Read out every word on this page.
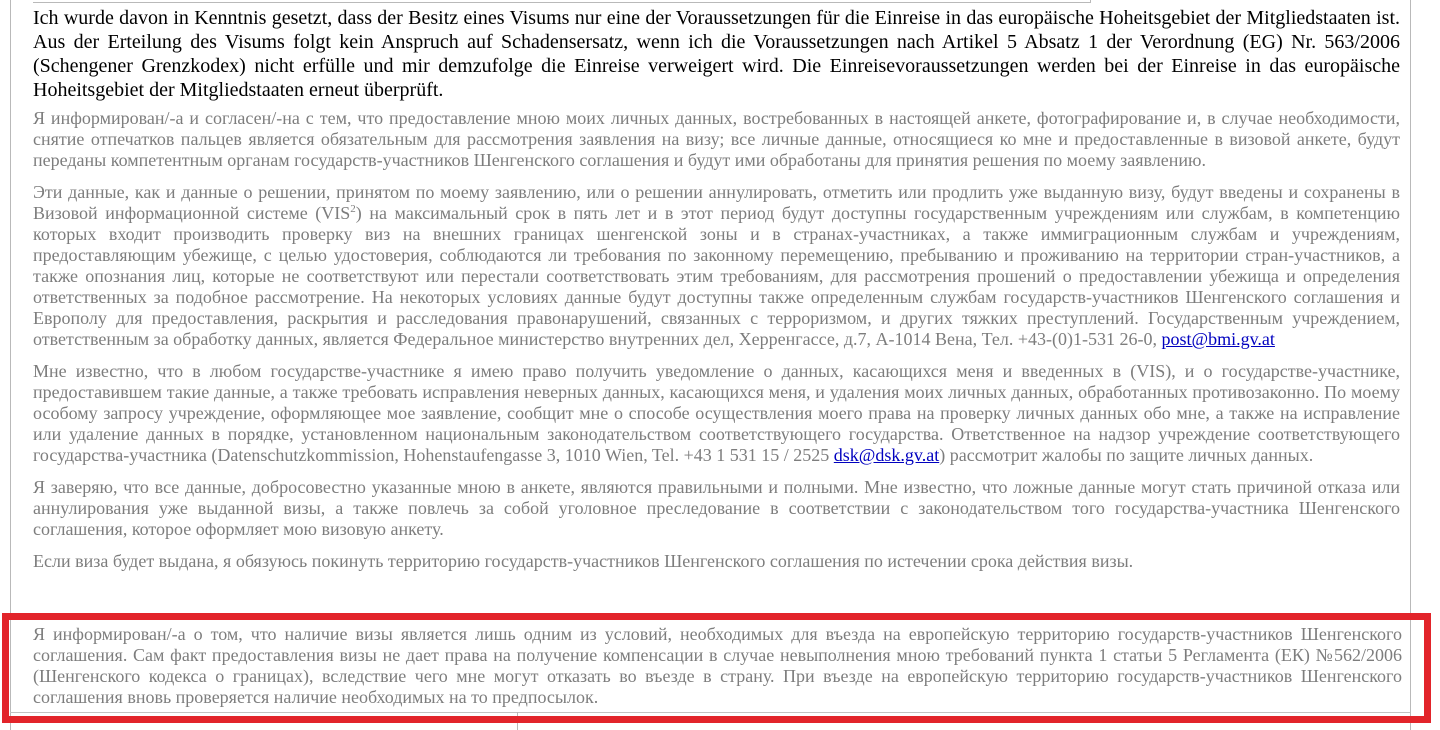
Ich wurde davon in Kenntnis gesetzt, dass der Besitz eines Visums nur eine der Voraussetzungen für die Einreise in das europäische Hoheitsgebiet der Mitgliedstaaten ist. Aus der Erteilung des Visums folgt kein Anspruch auf Schadensersatz, wenn ich die Voraussetzungen nach Artikel 5 Absatz 1 der Verordnung (EG) Nr. 563/2006 (Schengener Grenzkodex) nicht erfülle und mir demzufolge die Einreise verweigert wird. Die Einreisevoraussetzungen werden bei der Einreise in das europäische Hoheitsgebiet der Mitgliedstaaten erneut überprüft.

Я информирован/-а и согласен/-на с тем, что предоставление мною моих личных данных, востребованных в настоящей анкете, фотографирование и, в случае необходимости, снятие отпечатков пальцев является обязательным для рассмотрения заявления на визу; все личные данные, относящиеся ко мне и предоставленные в визовой анкете, будут переданы компетентным органам государств-участников Шенгенского соглашения и будут ими обработаны для принятия решения по моему заявлению.

Эти данные, как и данные о решении, принятом по моему заявлению, или о решении аннулировать, отметить или продлить уже выданную визу, будут введены и сохранены в Визовой информационной системе (VIS$^2$) на максимальный срок в пять лет и в этот период будут доступны государственным учреждениям или службам, в компетенцию которых входит производить проверку виз на внешних границах шенгенской зоны и в странах-участниках, а также иммиграционным службам и учреждениям, предоставляющим убежище, с целью удостоверия, соблюдаются ли требования по законному перемещению, пребыванию и проживанию на территории стран-участников, а также опознания лиц, которые не соответствуют или перестали соответствовать этим требованиям, для рассмотрения прошений о предоставлении убежища и определения ответственных за подобное рассмотрение. На некоторых условиях данные будут доступны также определенным службам государств-участников Шенгенского соглашения и Европолу для предоставления, раскрытия и расследования правонарушений, связанных с терроризмом, и других тяжких преступлений. Государственным учреждением, ответственным за обработку данных, является Федеральное министерство внутренних дел, Херренгассе, д.7, А-1014 Вена, Тел. +43-(0)1-531 26-0, post@bmi.gv.at

Мне известно, что в любом государстве-участнике я имею право получить уведомление о данных, касающихся меня и введенных в (VIS), и о государстве-участнике, предоставившем такие данные, а также требовать исправления неверных данных, касающихся меня, и удаления моих личных данных, обработанных противозаконно. По моему особому запросу учреждение, оформляющее мое заявление, сообщит мне о способе осуществления моего права на проверку личных данных обо мне, а также на исправление или удаление данных в порядке, установленном национальным законодательством соответствующего государства. Ответственное на надзор учреждение соответствующего государства-участника (Datenschutzkommission, Hohenstaufengasse 3, 1010 Wien, Tel. +43 1 531 15 / 2525 dsk@dsk.gv.at) рассмотрит жалобы по защите личных данных.

Я заверяю, что все данные, добросовестно указанные мною в анкете, являются правильными и полными. Мне известно, что ложные данные могут стать причиной отказа или аннулирования уже выданной визы, а также повлечь за собой уголовное преследование в соответствии с законодательством того государства-участника Шенгенского соглашения, которое оформляет мою визовую анкету.

Если виза будет выдана, я обязуюсь покинуть территорию государств-участников Шенгенского соглашения по истечении срока действия визы.

Я информирован/-а о том, что наличие визы является лишь одним из условий, необходимых для въезда на европейскую территорию государств-участников Шенгенского соглашения. Сам факт предоставления визы не дает права на получение компенсации в случае невыполнения мною требований пункта 1 статьи 5 Регламента (ЕК) №562/2006 (Шенгенского кодекса о границах), вследствие чего мне могут отказать во въезде в страну. При въезде на европейскую территорию государств-участников Шенгенского соглашения вновь проверяется наличие необходимых на то предпосылок.
